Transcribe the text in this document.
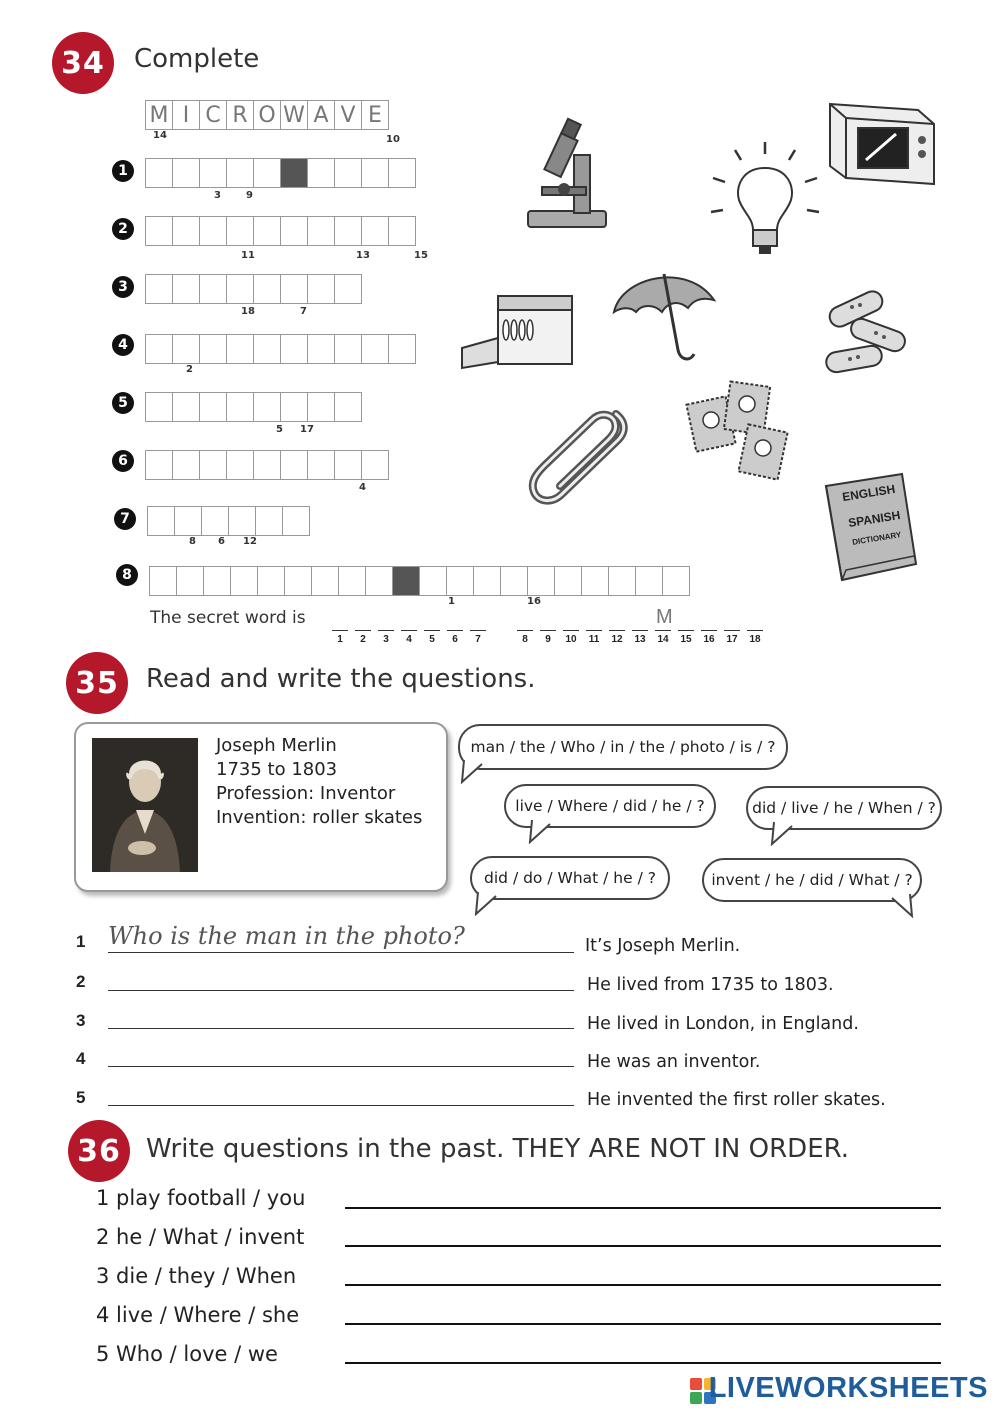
34	Complete
M I C R O W A V E
14	10
1
3	9
2
11	13	15
3
18	7
4
2
5
5 17
6
4
7
8 6 12
8
1	16
The secret word is
1	2	3	4	5	6	7	8	9	10 11 12 13 14 15 16 17 18
M
ENGLISH
SPANISH
DICTIONARY
35	Read and write the questions.
Joseph Merlin
1735 to 1803
Profession: Inventor
Invention: roller skates
man / the / Who / in / the / photo / is / ?
live / Where / did / he / ?	did / live / he / When / ?
did / do / What / he / ?	invent / he / did / What / ?
1 Who is the man in the photo?	It’s Joseph Merlin.
2	He lived from 1735 to 1803.
3	He lived in London, in England.
4	He was an inventor.
5	He invented the first roller skates.
36 Write questions in the past. THEY ARE NOT IN ORDER.
1 play football / you
2 he / What / invent
3 die / they / When
4 live / Where / she
5 Who / love / we
LIVEWORKSHEETS
